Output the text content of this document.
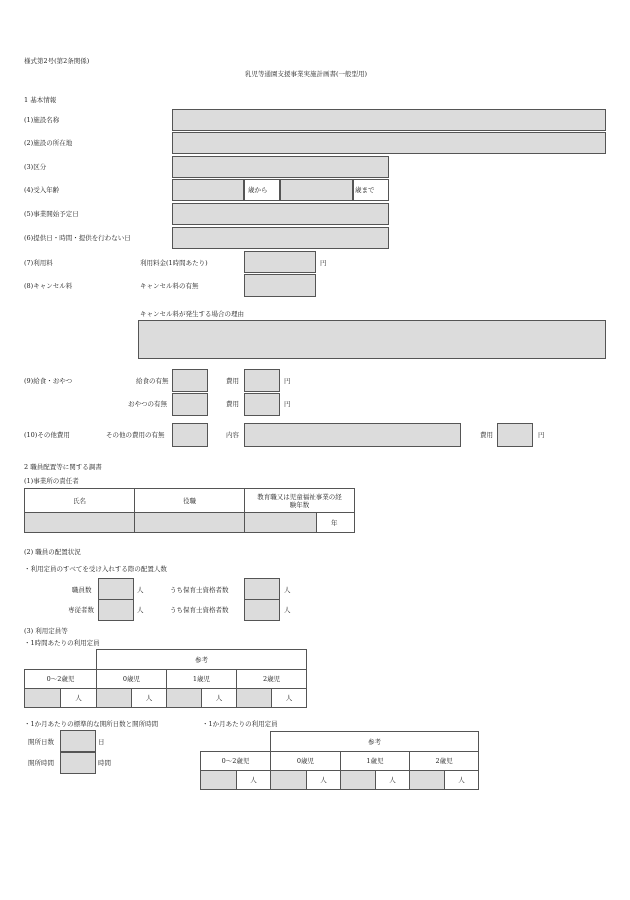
様式第2号(第2条関係)
乳児等通園支援事業実施計画書(一般型用)
1 基本情報
(1)施設名称
(2)施設の所在地
(3)区分
(4)受入年齢	歳から	歳まで
(5)事業開始予定日
(6)提供日・時間・提供を行わない日
(7)利用料	利用料金(1時間あたり)	円
(8)キャンセル料	キャンセル料の有無
キャンセル料が発生する場合の理由
(9)給食・おやつ	給食の有無	費用	円
おやつの有無	費用	円
(10)その他費用	その他の費用の有無	内容	費用	円
2 職員配置等に関する調書
(1)事業所の責任者
氏名	役職	教育職又は児童福祉事業の経験年数	
			年
(2) 職員の配置状況
・利用定員のすべてを受け入れする際の配置人数
職員数	人	うち保育士資格者数	人
専従者数	人	うち保育士資格者数	人
(3) 利用定員等
・1時間あたりの利用定員
		参考					
0〜2歳児		0歳児		1歳児		2歳児	
	人		人		人		人
・1か月あたりの標準的な開所日数と開所時間
開所日数	日
開所時間	時間
・1か月あたりの利用定員
		参考					
0〜2歳児		0歳児		1歳児		2歳児	
	人		人		人		人
